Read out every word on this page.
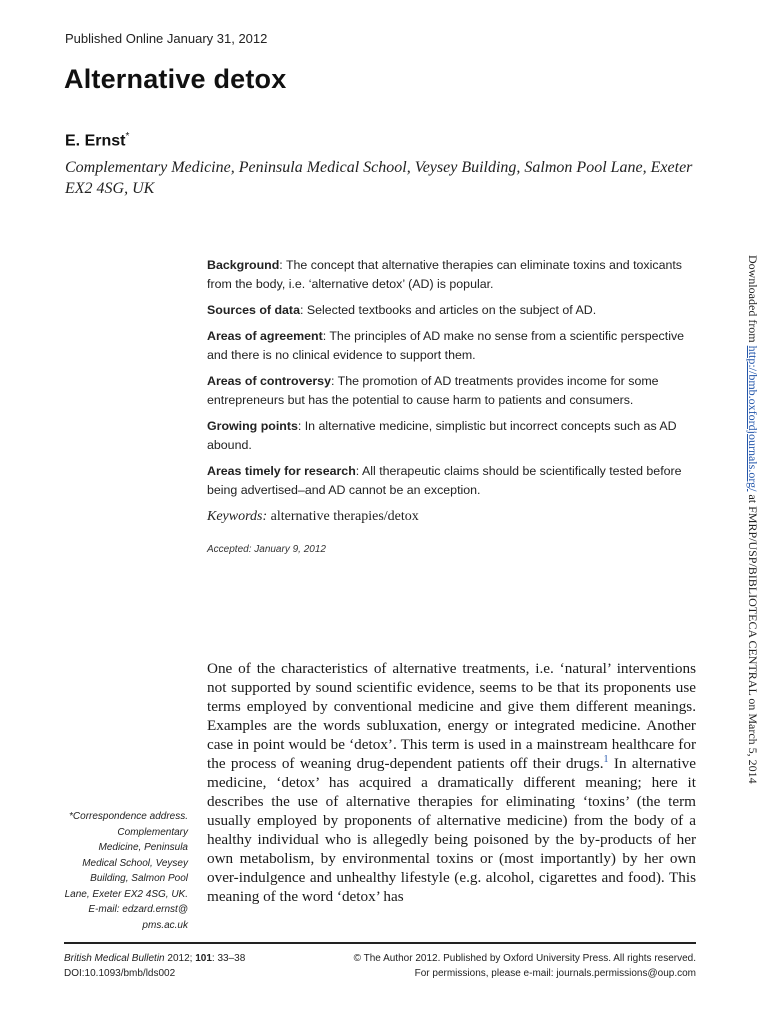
Published Online January 31, 2012
Alternative detox
E. Ernst*
Complementary Medicine, Peninsula Medical School, Veysey Building, Salmon Pool Lane, Exeter EX2 4SG, UK

Background: The concept that alternative therapies can eliminate toxins and toxicants from the body, i.e. ‘alternative detox’ (AD) is popular.

Sources of data: Selected textbooks and articles on the subject of AD.

Areas of agreement: The principles of AD make no sense from a scientific perspective and there is no clinical evidence to support them.

Areas of controversy: The promotion of AD treatments provides income for some entrepreneurs but has the potential to cause harm to patients and consumers.

Growing points: In alternative medicine, simplistic but incorrect concepts such as AD abound.

Areas timely for research: All therapeutic claims should be scientifically tested before being advertised–and AD cannot be an exception.

Keywords: alternative therapies/detox
Accepted: January 9, 2012
One of the characteristics of alternative treatments, i.e. ‘natural’ interventions not supported by sound scientific evidence, seems to be that its proponents use terms employed by conventional medicine and give them different meanings. Examples are the words subluxation, energy or integrated medicine. Another case in point would be ‘detox’. This term is used in a mainstream healthcare for the process of weaning drug-dependent patients off their drugs.$^1$ In alternative medicine, ‘detox’ has acquired a dramatically different meaning; here it describes the use of alternative therapies for eliminating ‘toxins’ (the term usually employed by proponents of alternative medicine) from the body of a healthy individual who is allegedly being poisoned by the by-products of her own metabolism, by environmental toxins or (most importantly) by her own over-indulgence and unhealthy lifestyle (e.g. alcohol, cigarettes and food). This meaning of the word ‘detox’ has
*Correspondence address.
Complementary
Medicine, Peninsula
Medical School, Veysey
Building, Salmon Pool
Lane, Exeter EX2 4SG, UK.
E-mail: edzard.ernst@
pms.ac.uk
British Medical Bulletin 2012; 101: 33–38
DOI:10.1093/bmb/lds002
© The Author 2012. Published by Oxford University Press. All rights reserved.
For permissions, please e-mail: journals.permissions@oup.com
Downloaded from http://bmb.oxfordjournals.org/ at FMRP/USP/BIBLIOTECA CENTRAL on March 5, 2014
